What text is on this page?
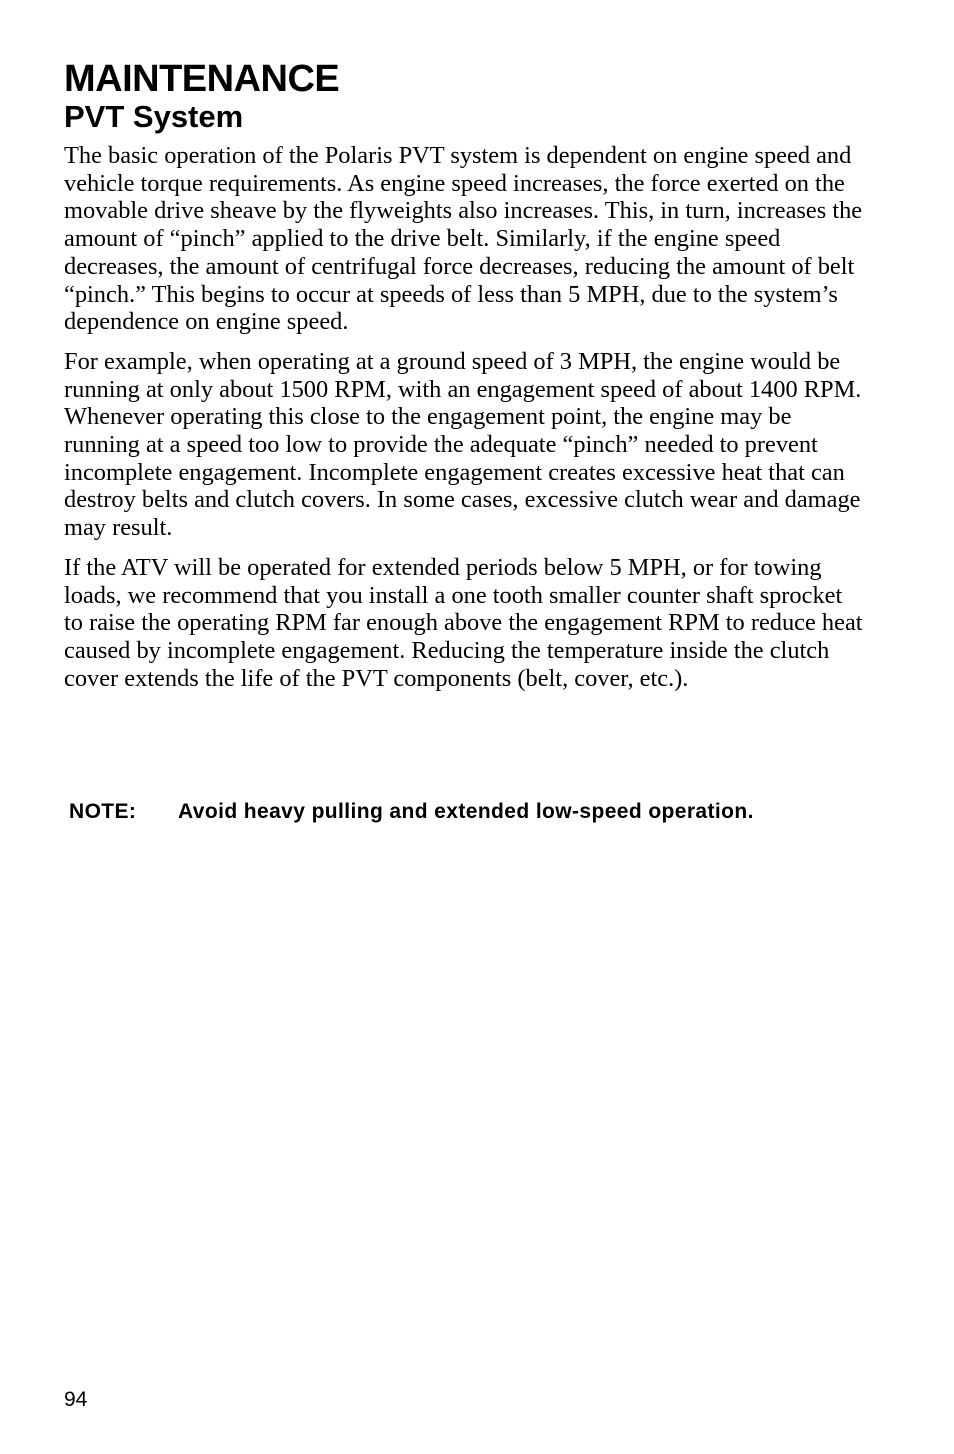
MAINTENANCE
PVT System

The basic operation of the Polaris PVT system is dependent on engine speed and vehicle torque requirements. As engine speed increases, the force exerted on the movable drive sheave by the flyweights also increases. This, in turn, increases the amount of “pinch” applied to the drive belt. Similarly, if the engine speed decreases, the amount of centrifugal force decreases, reducing the amount of belt “pinch.” This begins to occur at speeds of less than 5 MPH, due to the system’s dependence on engine speed.

For example, when operating at a ground speed of 3 MPH, the engine would be running at only about 1500 RPM, with an engagement speed of about 1400 RPM. Whenever operating this close to the engagement point, the engine may be running at a speed too low to provide the adequate “pinch” needed to prevent incomplete engagement. Incomplete engagement creates excessive heat that can destroy belts and clutch covers. In some cases, excessive clutch wear and damage may result.

If the ATV will be operated for extended periods below 5 MPH, or for towing loads, we recommend that you install a one tooth smaller counter shaft sprocket to raise the operating RPM far enough above the engagement RPM to reduce heat caused by incomplete engagement. Reducing the temperature inside the clutch cover extends the life of the PVT components (belt, cover, etc.).

NOTE: Avoid heavy pulling and extended low-speed operation.
94
